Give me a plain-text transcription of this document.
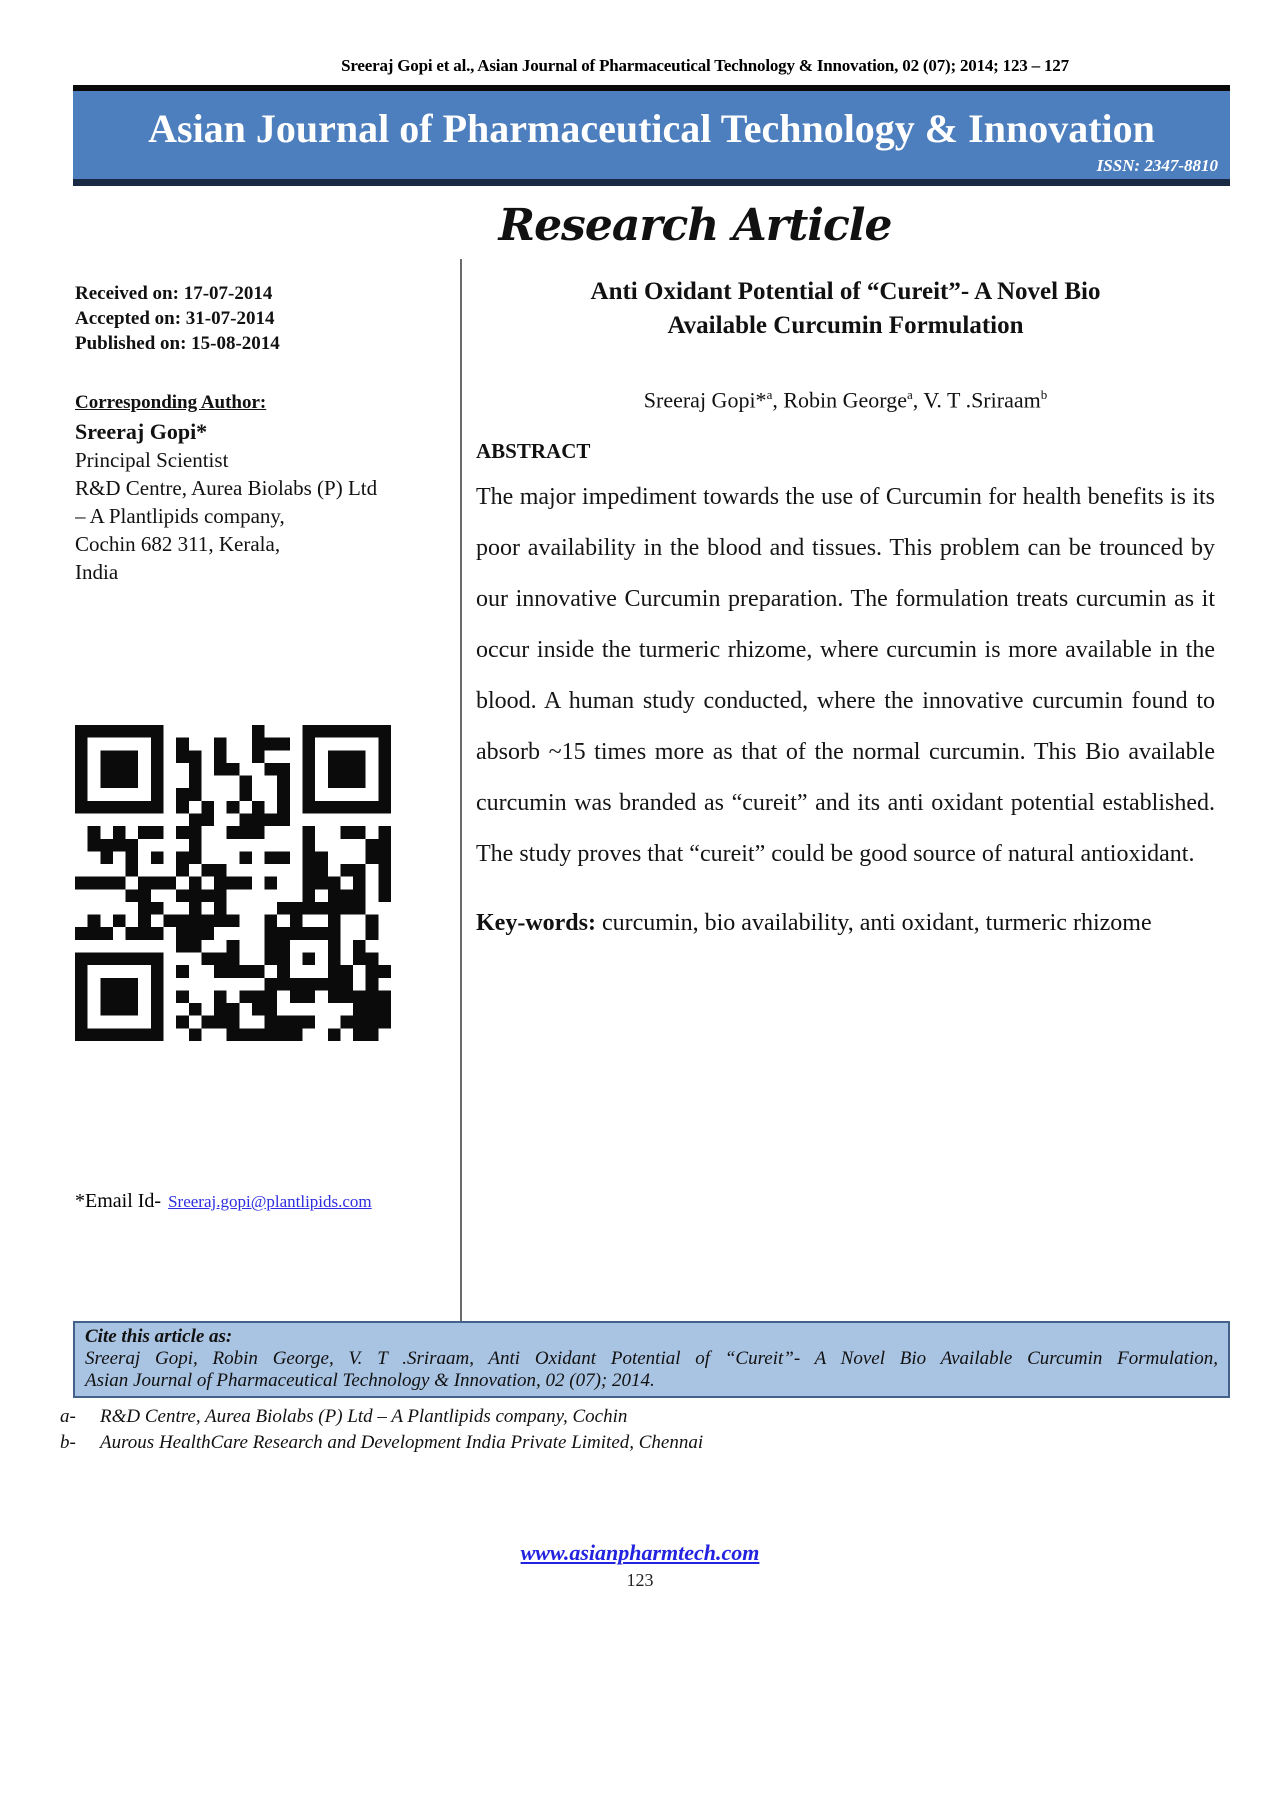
Sreeraj Gopi et al., Asian Journal of Pharmaceutical Technology & Innovation, 02 (07); 2014; 123 – 127
Asian Journal of Pharmaceutical Technology & Innovation
ISSN: 2347-8810
Research Article
Received on: 17-07-2014
Accepted on: 31-07-2014
Published on: 15-08-2014
Corresponding Author:
Sreeraj Gopi*
Principal Scientist
R&D Centre, Aurea Biolabs (P) Ltd
– A Plantlipids company,
Cochin 682 311, Kerala,
India
*Email Id- Sreeraj.gopi@plantlipids.com
Anti Oxidant Potential of “Cureit”- A Novel Bio
Available Curcumin Formulation
Sreeraj Gopi*$^a$, Robin George$^a$, V. T .Sriraam$^b$
ABSTRACT
The major impediment towards the use of Curcumin for health benefits is its poor availability in the blood and tissues. This problem can be trounced by our innovative Curcumin preparation. The formulation treats curcumin as it occur inside the turmeric rhizome, where curcumin is more available in the blood. A human study conducted, where the innovative curcumin found to absorb ~15 times more as that of the normal curcumin. This Bio available curcumin was branded as “cureit” and its anti oxidant potential established. The study proves that “cureit” could be good source of natural antioxidant.
Key-words: curcumin, bio availability, anti oxidant, turmeric rhizome
Cite this article as:
Sreeraj Gopi, Robin George, V. T .Sriraam, Anti Oxidant Potential of “Cureit”- A Novel Bio Available Curcumin Formulation,
Asian Journal of Pharmaceutical Technology & Innovation, 02 (07); 2014.
a-	R&D Centre, Aurea Biolabs (P) Ltd – A Plantlipids company, Cochin
b-	Aurous HealthCare Research and Development India Private Limited, Chennai
www.asianpharmtech.com
123
